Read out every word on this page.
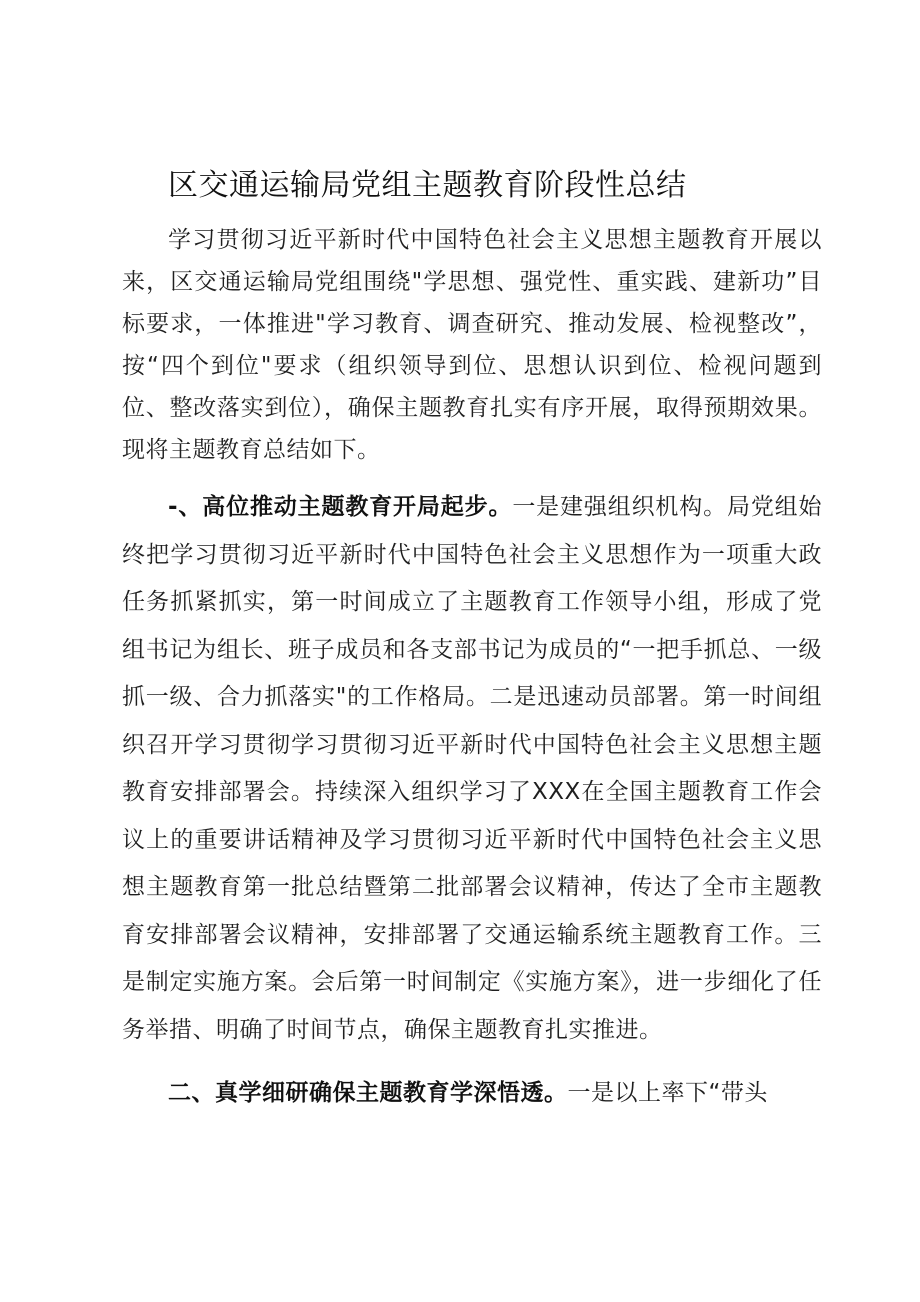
区交通运输局党组主题教育阶段性总结

学习贯彻习近平新时代中国特色社会主义思想主题教育开展以来，区交通运输局党组围绕"学思想、强党性、重实践、建新功”目标要求，一体推进"学习教育、调查研究、推动发展、检视整改”，按“四个到位"要求（组织领导到位、思想认识到位、检视问题到位、整改落实到位），确保主题教育扎实有序开展，取得预期效果。现将主题教育总结如下。

-、高位推动主题教育开局起步。一是建强组织机构。局党组始终把学习贯彻习近平新时代中国特色社会主义思想作为一项重大政任务抓紧抓实，第一时间成立了主题教育工作领导小组，形成了党组书记为组长、班子成员和各支部书记为成员的“一把手抓总、一级抓一级、合力抓落实"的工作格局。二是迅速动员部署。第一时间组织召开学习贯彻学习贯彻习近平新时代中国特色社会主义思想主题教育安排部署会。持续深入组织学习了XXX在全国主题教育工作会议上的重要讲话精神及学习贯彻习近平新时代中国特色社会主义思想主题教育第一批总结暨第二批部署会议精神，传达了全市主题教育安排部署会议精神，安排部署了交通运输系统主题教育工作。三是制定实施方案。会后第一时间制定《实施方案》，进一步细化了任务举措、明确了时间节点，确保主题教育扎实推进。

二、真学细研确保主题教育学深悟透。一是以上率下“带头
